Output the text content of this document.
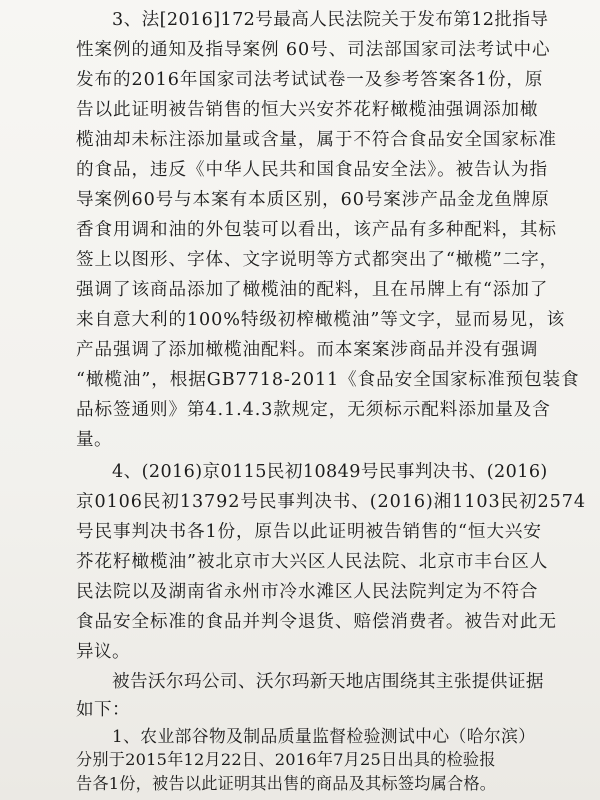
3、法[2016]172号最高人民法院关于发布第12批指导
性案例的通知及指导案例 60号、司法部国家司法考试中心
发布的2016年国家司法考试试卷一及参考答案各1份，原
告以此证明被告销售的恒大兴安芥花籽橄榄油强调添加橄
榄油却未标注添加量或含量，属于不符合食品安全国家标准
的食品，违反《中华人民共和国食品安全法》。被告认为指
导案例60号与本案有本质区别，60号案涉产品金龙鱼牌原
香食用调和油的外包装可以看出，该产品有多种配料，其标
签上以图形、字体、文字说明等方式都突出了“橄榄”二字，
强调了该商品添加了橄榄油的配料，且在吊牌上有“添加了
来自意大利的100%特级初榨橄榄油”等文字，显而易见，该
产品强调了添加橄榄油配料。而本案案涉商品并没有强调
“橄榄油”，根据GB7718-2011《食品安全国家标准预包装食
品标签通则》第4.1.4.3款规定，无须标示配料添加量及含
量。
4、(2016)京0115民初10849号民事判决书、(2016)
京0106民初13792号民事判决书、(2016)湘1103民初2574
号民事判决书各1份，原告以此证明被告销售的“恒大兴安
芥花籽橄榄油”被北京市大兴区人民法院、北京市丰台区人
民法院以及湖南省永州市冷水滩区人民法院判定为不符合
食品安全标准的食品并判令退货、赔偿消费者。被告对此无
异议。
被告沃尔玛公司、沃尔玛新天地店围绕其主张提供证据
如下：
1、农业部谷物及制品质量监督检验测试中心（哈尔滨）
分别于2015年12月22日、2016年7月25日出具的检验报
告各1份，被告以此证明其出售的商品及其标签均属合格。
